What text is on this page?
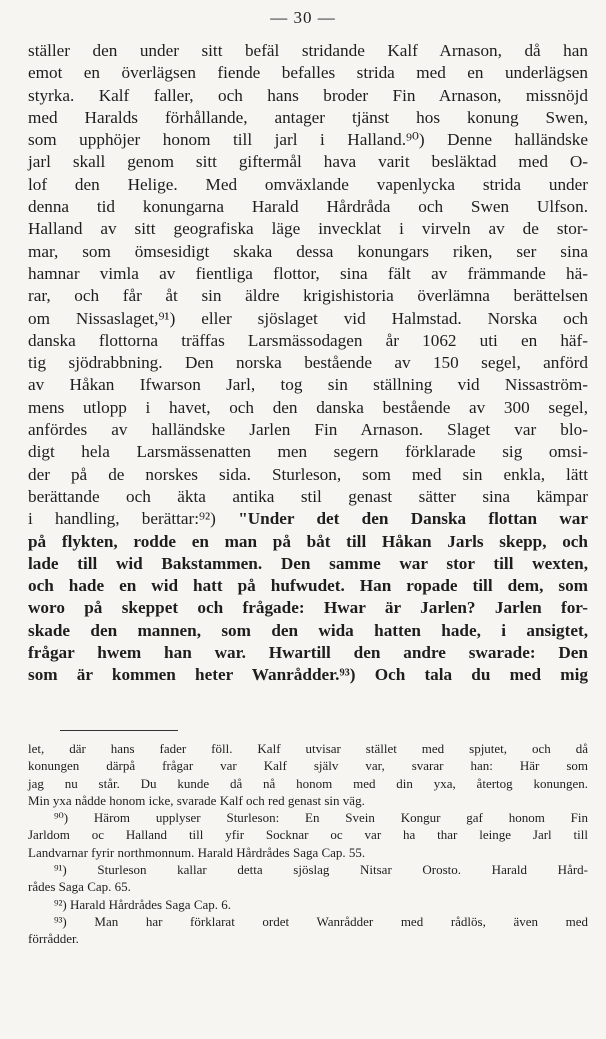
— 30 —
ställer den under sitt befäl stridande Kalf Arnason, då han
emot en överlägsen fiende befalles strida med en underlägsen
styrka. Kalf faller, och hans broder Fin Arnason, missnöjd
med Haralds förhållande, antager tjänst hos konung Swen,
som upphöjer honom till jarl i Halland.⁹⁰) Denne halländske
jarl skall genom sitt giftermål hava varit besläktad med O-
lof den Helige. Med omväxlande vapenlycka strida under
denna tid konungarna Harald Hårdråda och Swen Ulfson.
Halland av sitt geografiska läge invecklat i virveln av de stor-
mar, som ömsesidigt skaka dessa konungars riken, ser sina
hamnar vimla av fientliga flottor, sina fält av främmande hä-
rar, och får åt sin äldre krigishistoria överlämna berättelsen
om Nissaslaget,⁹¹) eller sjöslaget vid Halmstad. Norska och
danska flottorna träffas Larsmässodagen år 1062 uti en häf-
tig sjödrabbning. Den norska bestående av 150 segel, anförd
av Håkan Ifwarson Jarl, tog sin ställning vid Nissaström-
mens utlopp i havet, och den danska bestående av 300 segel,
anfördes av halländske Jarlen Fin Arnason. Slaget var blo-
digt hela Larsmässenatten men segern förklarade sig omsi-
der på de norskes sida. Sturleson, som med sin enkla, lätt
berättande och äkta antika stil genast sätter sina kämpar
i handling, berättar:⁹²) "Under det den Danska flottan war
på flykten, rodde en man på båt till Håkan Jarls skepp, och
lade till wid Bakstammen. Den samme war stor till wexten,
och hade en wid hatt på hufwudet. Han ropade till dem, som
woro på skeppet och frågade: Hwar är Jarlen? Jarlen for-
skade den mannen, som den wida hatten hade, i ansigtet,
frågar hwem han war. Hwartill den andre swarade: Den
som är kommen heter Wanrådder.⁹³) Och tala du med mig
let, där hans fader föll. Kalf utvisar stället med spjutet, och då
konungen därpå frågar var Kalf själv var, svarar han: Här som
jag nu står. Du kunde då nå honom med din yxa, återtog konungen.
Min yxa nådde honom icke, svarade Kalf och red genast sin väg.
⁹⁰) Härom upplyser Sturleson: En Svein Kongur gaf honom Fin
Jarldom oc Halland till yfir Socknar oc var ha thar leinge Jarl till
Landvarnar fyrir northmonnum. Harald Hårdrådes Saga Cap. 55.
⁹¹) Sturleson kallar detta sjöslag Nitsar Orosto. Harald Hård-
rådes Saga Cap. 65.
⁹²) Harald Hårdrådes Saga Cap. 6.
⁹³) Man har förklarat ordet Wanrådder med rådlös, även med
förrådder.
